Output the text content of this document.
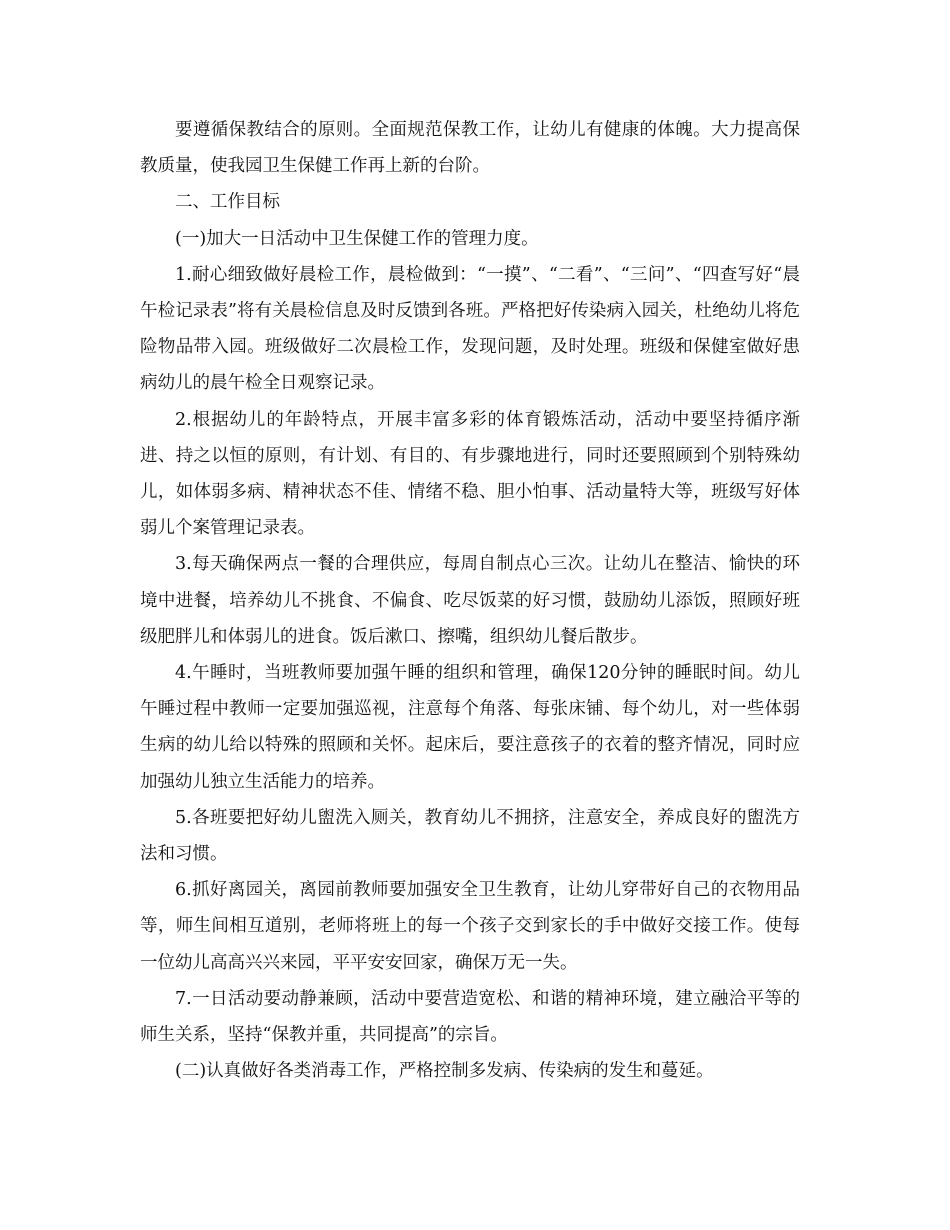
要遵循保教结合的原则。全面规范保教工作，让幼儿有健康的体魄。大力提高保教质量，使我园卫生保健工作再上新的台阶。

二、工作目标

(一)加大一日活动中卫生保健工作的管理力度。

1.耐心细致做好晨检工作，晨检做到：“一摸”、“二看”、“三问”、“四查写好“晨午检记录表”将有关晨检信息及时反馈到各班。严格把好传染病入园关，杜绝幼儿将危险物品带入园。班级做好二次晨检工作，发现问题，及时处理。班级和保健室做好患病幼儿的晨午检全日观察记录。

2.根据幼儿的年龄特点，开展丰富多彩的体育锻炼活动，活动中要坚持循序渐进、持之以恒的原则，有计划、有目的、有步骤地进行，同时还要照顾到个别特殊幼儿，如体弱多病、精神状态不佳、情绪不稳、胆小怕事、活动量特大等，班级写好体弱儿个案管理记录表。

3.每天确保两点一餐的合理供应，每周自制点心三次。让幼儿在整洁、愉快的环境中进餐，培养幼儿不挑食、不偏食、吃尽饭菜的好习惯，鼓励幼儿添饭，照顾好班级肥胖儿和体弱儿的进食。饭后漱口、擦嘴，组织幼儿餐后散步。

4.午睡时，当班教师要加强午睡的组织和管理，确保120分钟的睡眠时间。幼儿午睡过程中教师一定要加强巡视，注意每个角落、每张床铺、每个幼儿，对一些体弱生病的幼儿给以特殊的照顾和关怀。起床后，要注意孩子的衣着的整齐情况，同时应加强幼儿独立生活能力的培养。

5.各班要把好幼儿盥洗入厕关，教育幼儿不拥挤，注意安全，养成良好的盥洗方法和习惯。

6.抓好离园关，离园前教师要加强安全卫生教育，让幼儿穿带好自己的衣物用品等，师生间相互道别，老师将班上的每一个孩子交到家长的手中做好交接工作。使每一位幼儿高高兴兴来园，平平安安回家，确保万无一失。

7.一日活动要动静兼顾，活动中要营造宽松、和谐的精神环境，建立融洽平等的师生关系，坚持“保教并重，共同提高”的宗旨。

(二)认真做好各类消毒工作，严格控制多发病、传染病的发生和蔓延。
